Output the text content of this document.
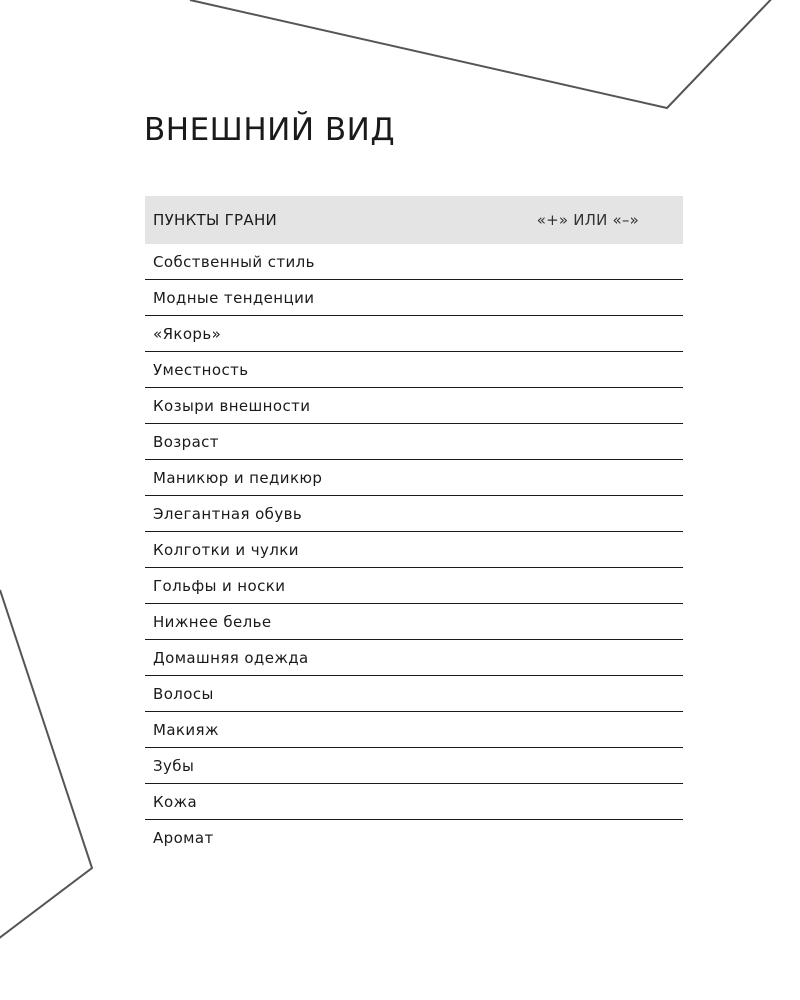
ВНЕШНИЙ ВИД
ПУНКТЫ ГРАНИ	«+» ИЛИ «–»
Собственный стиль
Модные тенденции
«Якорь»
Уместность
Козыри внешности
Возраст
Маникюр и педикюр
Элегантная обувь
Колготки и чулки
Гольфы и носки
Нижнее белье
Домашняя одежда
Волосы
Макияж
Зубы
Кожа
Аромат
